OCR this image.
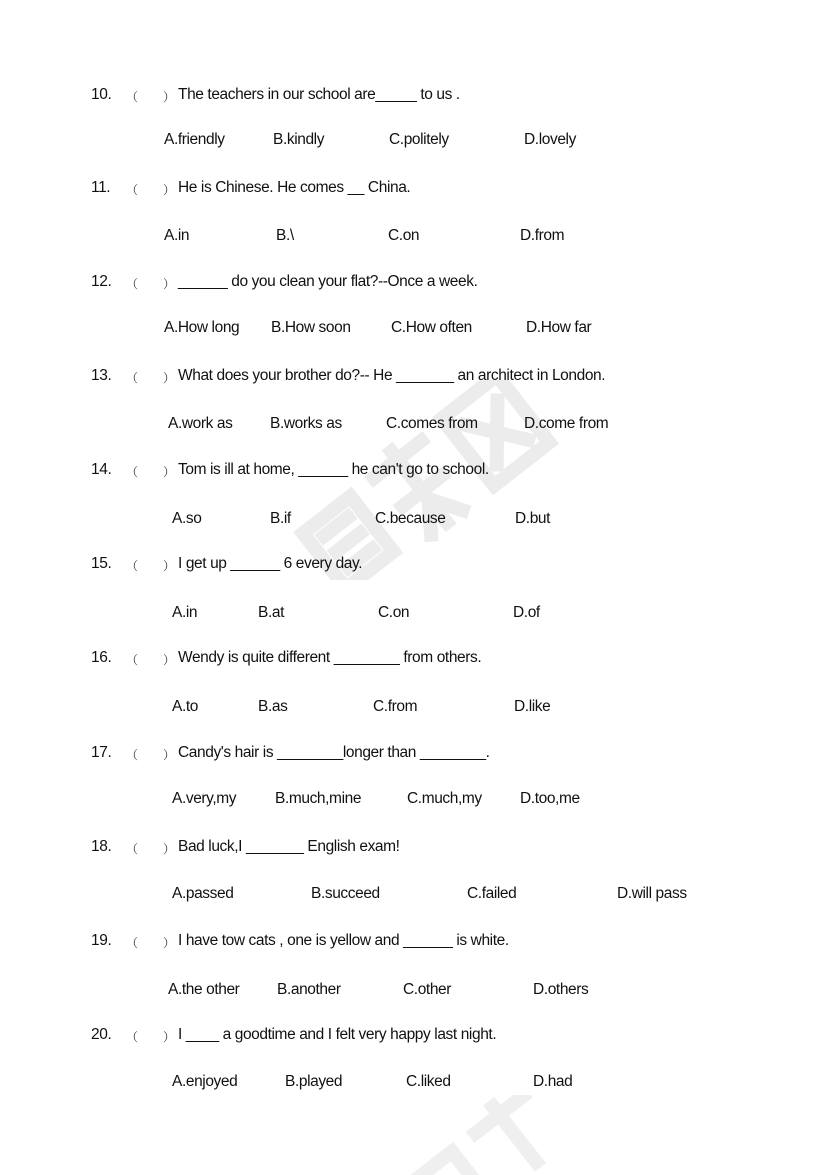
10. （ ） The teachers in our school are_____ to us .
A.friendly	B.kindly	C.politely	D.lovely
11. （ ） He is Chinese. He comes __ China.
A.in	B.\	C.on	D.from
12. （ ） ______ do you clean your flat?--Once a week.
A.How long B.How soon	C.How often	D.How far
13. （ ） What does your brother do?-- He _______ an architect in London.
A.work as B.works as	C.comes from	D.come from
14. （ ） Tom is ill at home, ______ he can't go to school.
A.so	B.if	C.because	D.but
15. （ ） I get up ______ 6 every day.
A.in	B.at	C.on	D.of
16. （ ） Wendy is quite different ________ from others.
A.to	B.as	C.from	D.like
17. （ ） Candy's hair is ________longer than ________.
A.very,my	B.much,mine	C.much,my D.too,me
18. （ ） Bad luck,I _______ English exam!
A.passed	B.succeed	C.failed	D.will pass
19. （ ） I have tow cats , one is yellow and ______ is white.
A.the other B.another	C.other	D.others
20. （ ） I ____ a goodtime and I felt very happy last night.
A.enjoyed	B.played	C.liked	D.had
